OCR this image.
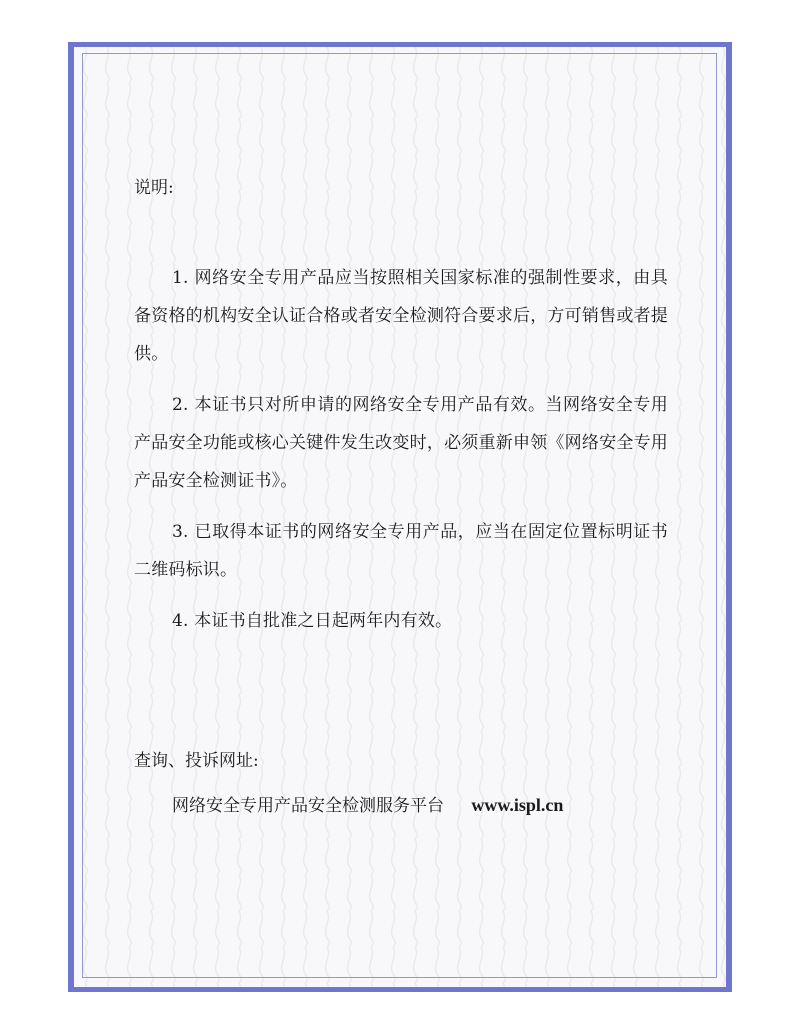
说明:

1. 网络安全专用产品应当按照相关国家标准的强制性要求，由具备资格的机构安全认证合格或者安全检测符合要求后，方可销售或者提供。

2. 本证书只对所申请的网络安全专用产品有效。当网络安全专用产品安全功能或核心关键件发生改变时，必须重新申领《网络安全专用产品安全检测证书》。

3. 已取得本证书的网络安全专用产品，应当在固定位置标明证书二维码标识。

4. 本证书自批准之日起两年内有效。

查询、投诉网址:
网络安全专用产品安全检测服务平台 www.ispl.cn
